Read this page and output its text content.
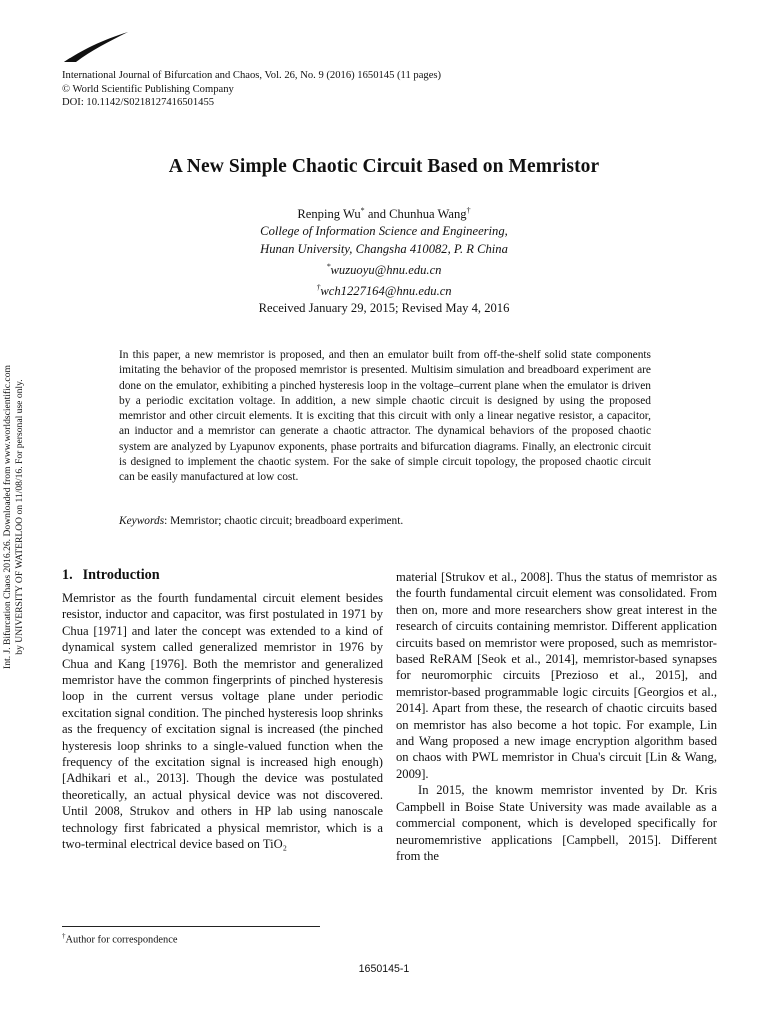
International Journal of Bifurcation and Chaos, Vol. 26, No. 9 (2016) 1650145 (11 pages)
© World Scientific Publishing Company
DOI: 10.1142/S0218127416501455
Int. J. Bifurcation Chaos 2016.26. Downloaded from www.worldscientific.com by UNIVERSITY OF WATERLOO on 11/08/16. For personal use only.
A New Simple Chaotic Circuit Based on Memristor
Renping Wu* and Chunhua Wang†
College of Information Science and Engineering,
Hunan University, Changsha 410082, P. R China
*wuzuoyu@hnu.edu.cn
†wch1227164@hnu.edu.cn
Received January 29, 2015; Revised May 4, 2016
In this paper, a new memristor is proposed, and then an emulator built from off-the-shelf solid state components imitating the behavior of the proposed memristor is presented. Multisim simulation and breadboard experiment are done on the emulator, exhibiting a pinched hysteresis loop in the voltage–current plane when the emulator is driven by a periodic excitation voltage. In addition, a new simple chaotic circuit is designed by using the proposed memristor and other circuit elements. It is exciting that this circuit with only a linear negative resistor, a capacitor, an inductor and a memristor can generate a chaotic attractor. The dynamical behaviors of the proposed chaotic system are analyzed by Lyapunov exponents, phase portraits and bifurcation diagrams. Finally, an electronic circuit is designed to implement the chaotic system. For the sake of simple circuit topology, the proposed chaotic circuit can be easily manufactured at low cost.
Keywords: Memristor; chaotic circuit; breadboard experiment.
1. Introduction

Memristor as the fourth fundamental circuit element besides resistor, inductor and capacitor, was first postulated in 1971 by Chua [1971] and later the concept was extended to a kind of dynamical system called generalized memristor in 1976 by Chua and Kang [1976]. Both the memristor and generalized memristor have the common fingerprints of pinched hysteresis loop in the current versus voltage plane under periodic excitation signal condition. The pinched hysteresis loop shrinks as the frequency of excitation signal is increased (the pinched hysteresis loop shrinks to a single-valued function when the frequency of the excitation signal is increased high enough) [Adhikari et al., 2013]. Though the device was postulated theoretically, an actual physical device was not discovered. Until 2008, Strukov and others in HP lab using nanoscale technology first fabricated a physical memristor, which is a two-terminal electrical device based on TiO₂

material [Strukov et al., 2008]. Thus the status of memristor as the fourth fundamental circuit element was consolidated. From then on, more and more researchers show great interest in the research of circuits containing memristor. Different application circuits based on memristor were proposed, such as memristor-based ReRAM [Seok et al., 2014], memristor-based synapses for neuromorphic circuits [Prezioso et al., 2015], and memristor-based programmable logic circuits [Georgios et al., 2014]. Apart from these, the research of chaotic circuits based on memristor has also become a hot topic. For example, Lin and Wang proposed a new image encryption algorithm based on chaos with PWL memristor in Chua's circuit [Lin & Wang, 2009].

In 2015, the knowm memristor invented by Dr. Kris Campbell in Boise State University was made available as a commercial component, which is developed specifically for neuromemristive applications [Campbell, 2015]. Different from the

†Author for correspondence
1650145-1
